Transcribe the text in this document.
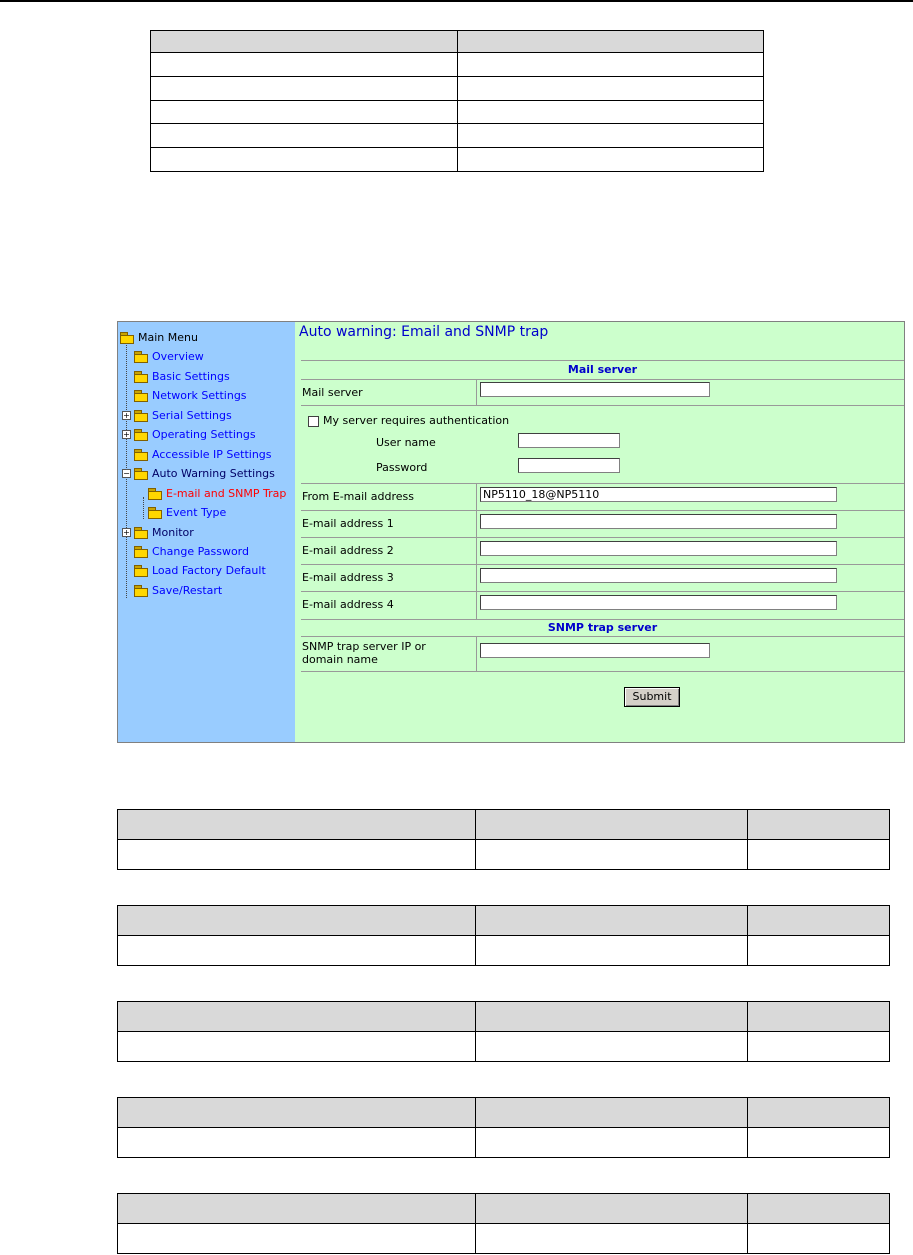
Main Menu
Overview
Basic Settings
Network Settings
+ Serial Settings
+ Operating Settings
Accessible IP Settings
− Auto Warning Settings
E-mail and SNMP Trap
Event Type
+ Monitor
Change Password
Load Factory Default
Save/Restart
Auto warning: Email and SNMP trap
Mail server
Mail server
My server requires authentication
User name
Password
From E-mail address
NP5110_18@NP5110
E-mail address 1
E-mail address 2
E-mail address 3
E-mail address 4
SNMP trap server
SNMP trap server IP or
domain name
Submit
